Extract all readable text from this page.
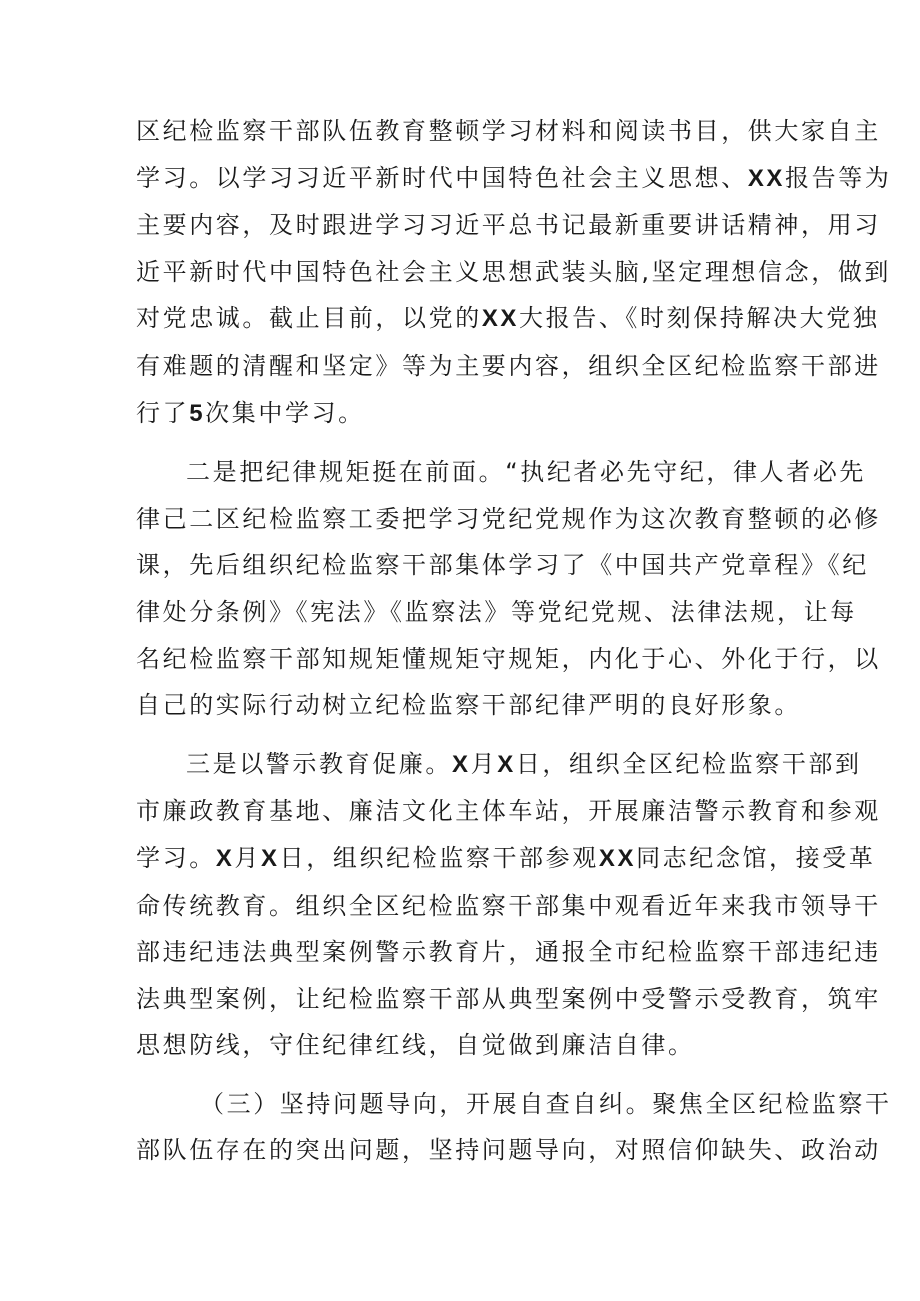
区纪检监察干部队伍教育整顿学习材料和阅读书目，供大家自主
学习。以学习习近平新时代中国特色社会主义思想、XX报告等为
主要内容，及时跟进学习习近平总书记最新重要讲话精神，用习
近平新时代中国特色社会主义思想武装头脑,坚定理想信念，做到
对党忠诚。截止目前，以党的XX大报告、《时刻保持解决大党独
有难题的清醒和坚定》等为主要内容，组织全区纪检监察干部进
行了5次集中学习。

二是把纪律规矩挺在前面。“执纪者必先守纪，律人者必先
律己二区纪检监察工委把学习党纪党规作为这次教育整顿的必修
课，先后组织纪检监察干部集体学习了《中国共产党章程》《纪
律处分条例》《宪法》《监察法》等党纪党规、法律法规，让每
名纪检监察干部知规矩懂规矩守规矩，内化于心、外化于行，以
自己的实际行动树立纪检监察干部纪律严明的良好形象。

三是以警示教育促廉。X月X日，组织全区纪检监察干部到
市廉政教育基地、廉洁文化主体车站，开展廉洁警示教育和参观
学习。X月X日，组织纪检监察干部参观XX同志纪念馆，接受革
命传统教育。组织全区纪检监察干部集中观看近年来我市领导干
部违纪违法典型案例警示教育片，通报全市纪检监察干部违纪违
法典型案例，让纪检监察干部从典型案例中受警示受教育，筑牢
思想防线，守住纪律红线，自觉做到廉洁自律。

（三）坚持问题导向，开展自查自纠。聚焦全区纪检监察干
部队伍存在的突出问题，坚持问题导向，对照信仰缺失、政治动
